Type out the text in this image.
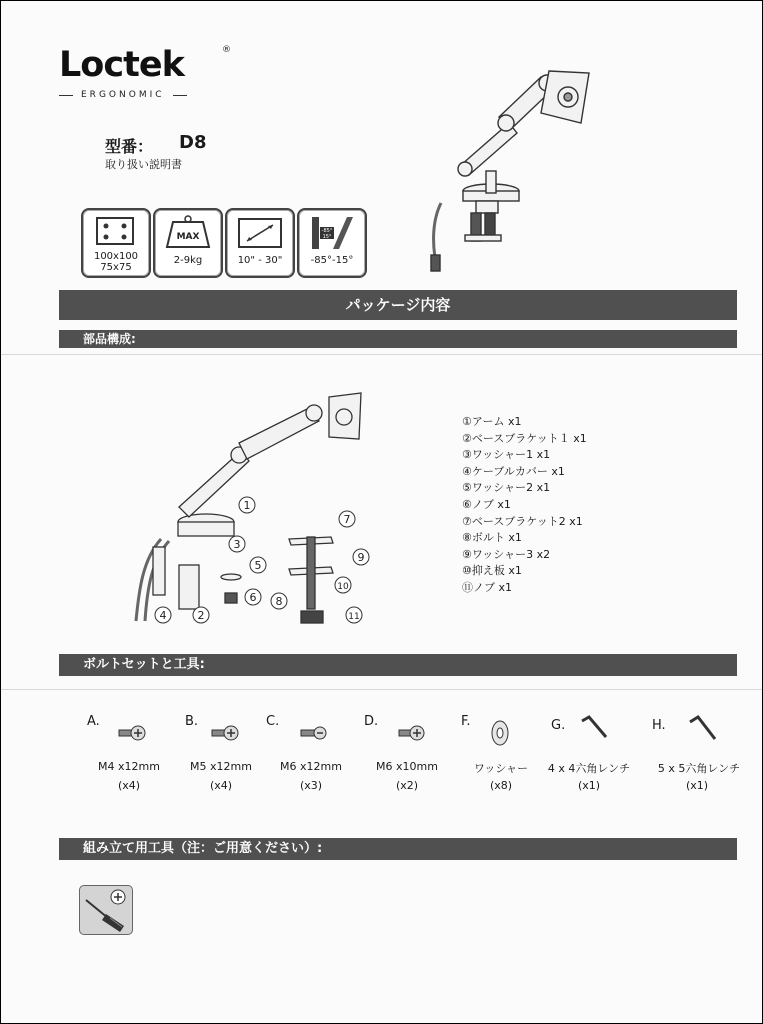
Loctek	®
ERGONOMIC
型番： D8
取り扱い説明書
100x100
75x75
MAX
2-9kg	10" - 30"
-85°
15°
-85°-15°
パッケージ内容
部品構成:
1
2
3
4
5
6
7
8
9
10
11
①アーム x1
②ベースブラケット１ x1
③ワッシャー1 x1
④ケーブルカバー x1
⑤ワッシャー2 x1
⑥ノブ x1
⑦ベースブラケット2 x1
⑧ボルト x1
⑨ワッシャー3 x2
⑩抑え板 x1
⑪ノブ x1
ボルトセットと工具:
A.
M4 x12mm
(x4)
B.
M5 x12mm
(x4)
C.
M6 x12mm
(x3)
D.
M6 x10mm
(x2)
F.
ワッシャー
(x8)
G.
4 x 4六角レンチ
(x1)
H.
5 x 5六角レンチ
(x1)
組み立て用工具（注：ご用意ください）:
